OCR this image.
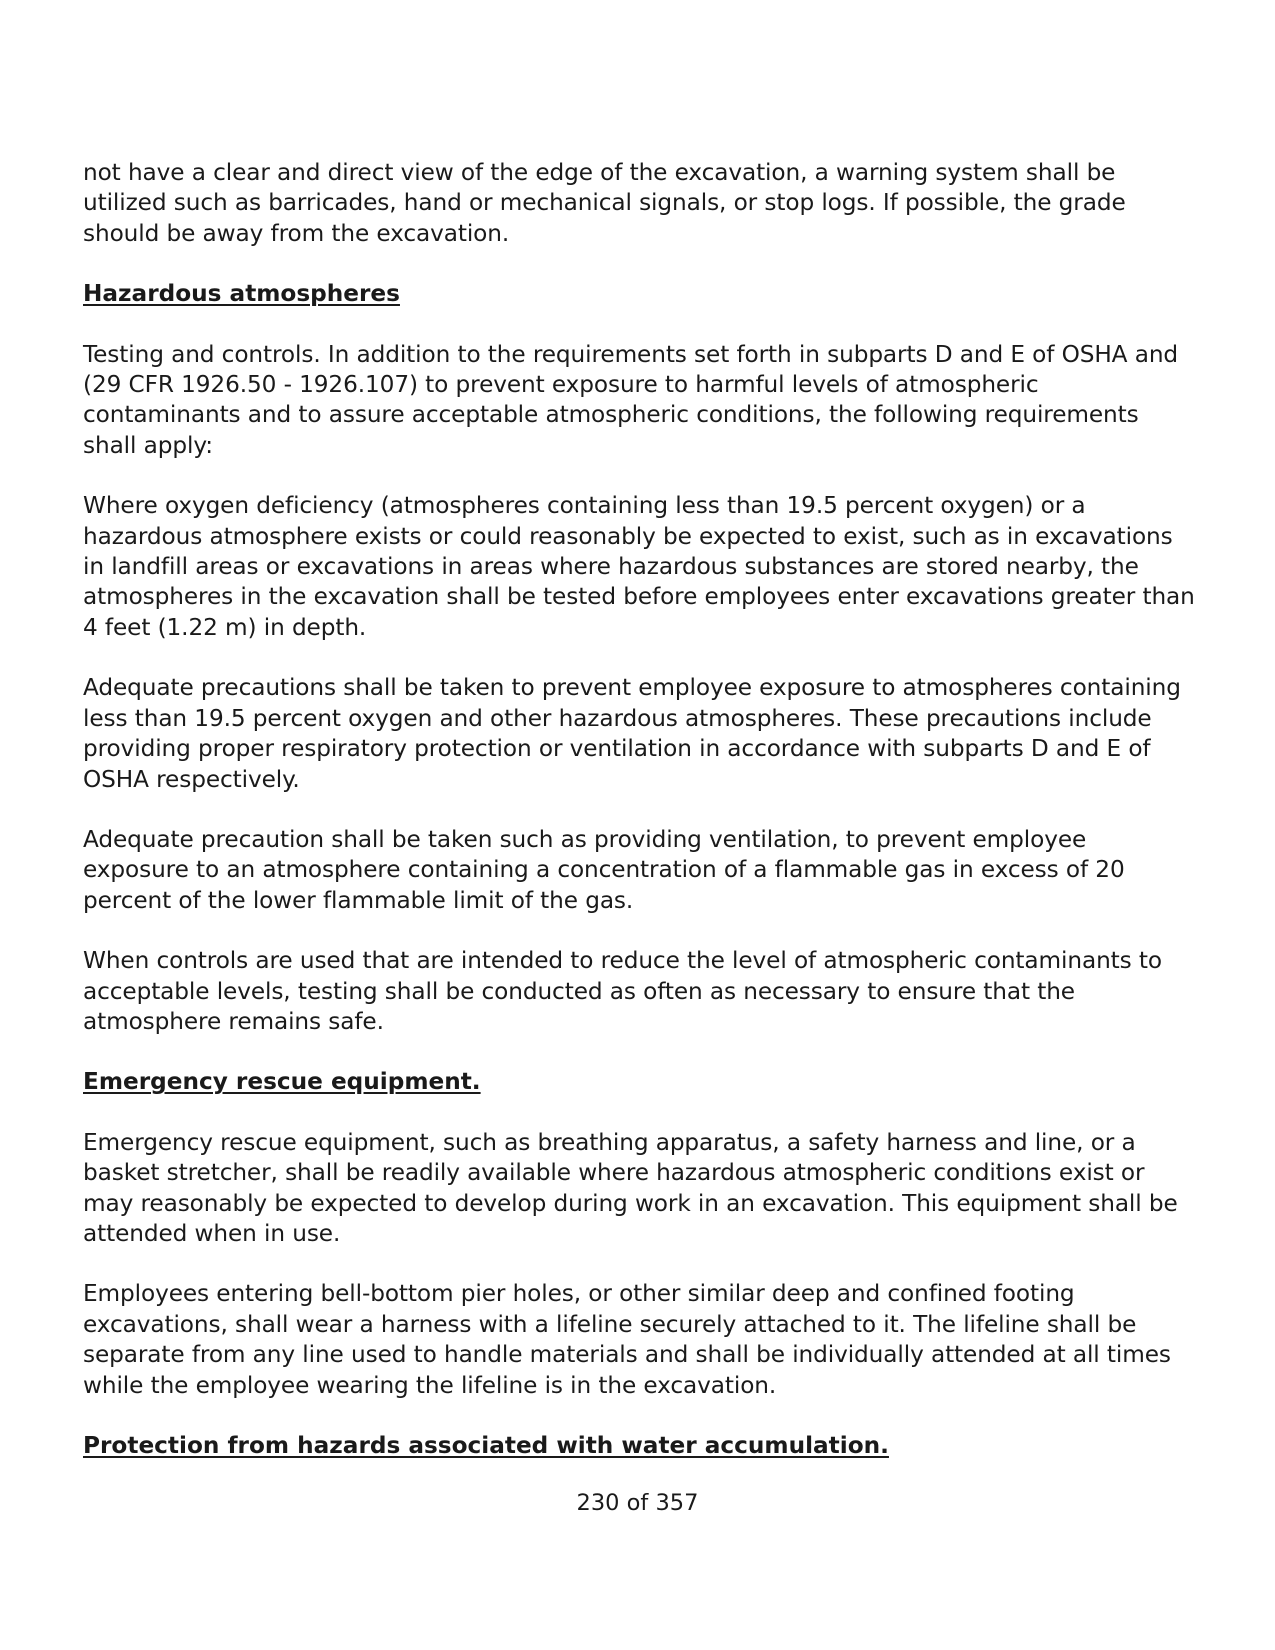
not have a clear and direct view of the edge of the excavation, a warning system shall be utilized such as barricades, hand or mechanical signals, or stop logs. If possible, the grade should be away from the excavation.

Hazardous atmospheres

Testing and controls. In addition to the requirements set forth in subparts D and E of OSHA and (29 CFR 1926.50 - 1926.107) to prevent exposure to harmful levels of atmospheric contaminants and to assure acceptable atmospheric conditions, the following requirements shall apply:

Where oxygen deficiency (atmospheres containing less than 19.5 percent oxygen) or a hazardous atmosphere exists or could reasonably be expected to exist, such as in excavations in landfill areas or excavations in areas where hazardous substances are stored nearby, the atmospheres in the excavation shall be tested before employees enter excavations greater than 4 feet (1.22 m) in depth.

Adequate precautions shall be taken to prevent employee exposure to atmospheres containing less than 19.5 percent oxygen and other hazardous atmospheres. These precautions include providing proper respiratory protection or ventilation in accordance with subparts D and E of OSHA respectively.

Adequate precaution shall be taken such as providing ventilation, to prevent employee exposure to an atmosphere containing a concentration of a flammable gas in excess of 20 percent of the lower flammable limit of the gas.

When controls are used that are intended to reduce the level of atmospheric contaminants to acceptable levels, testing shall be conducted as often as necessary to ensure that the atmosphere remains safe.

Emergency rescue equipment.

Emergency rescue equipment, such as breathing apparatus, a safety harness and line, or a basket stretcher, shall be readily available where hazardous atmospheric conditions exist or may reasonably be expected to develop during work in an excavation. This equipment shall be attended when in use.

Employees entering bell-bottom pier holes, or other similar deep and confined footing excavations, shall wear a harness with a lifeline securely attached to it. The lifeline shall be separate from any line used to handle materials and shall be individually attended at all times while the employee wearing the lifeline is in the excavation.

Protection from hazards associated with water accumulation.

230 of 357
